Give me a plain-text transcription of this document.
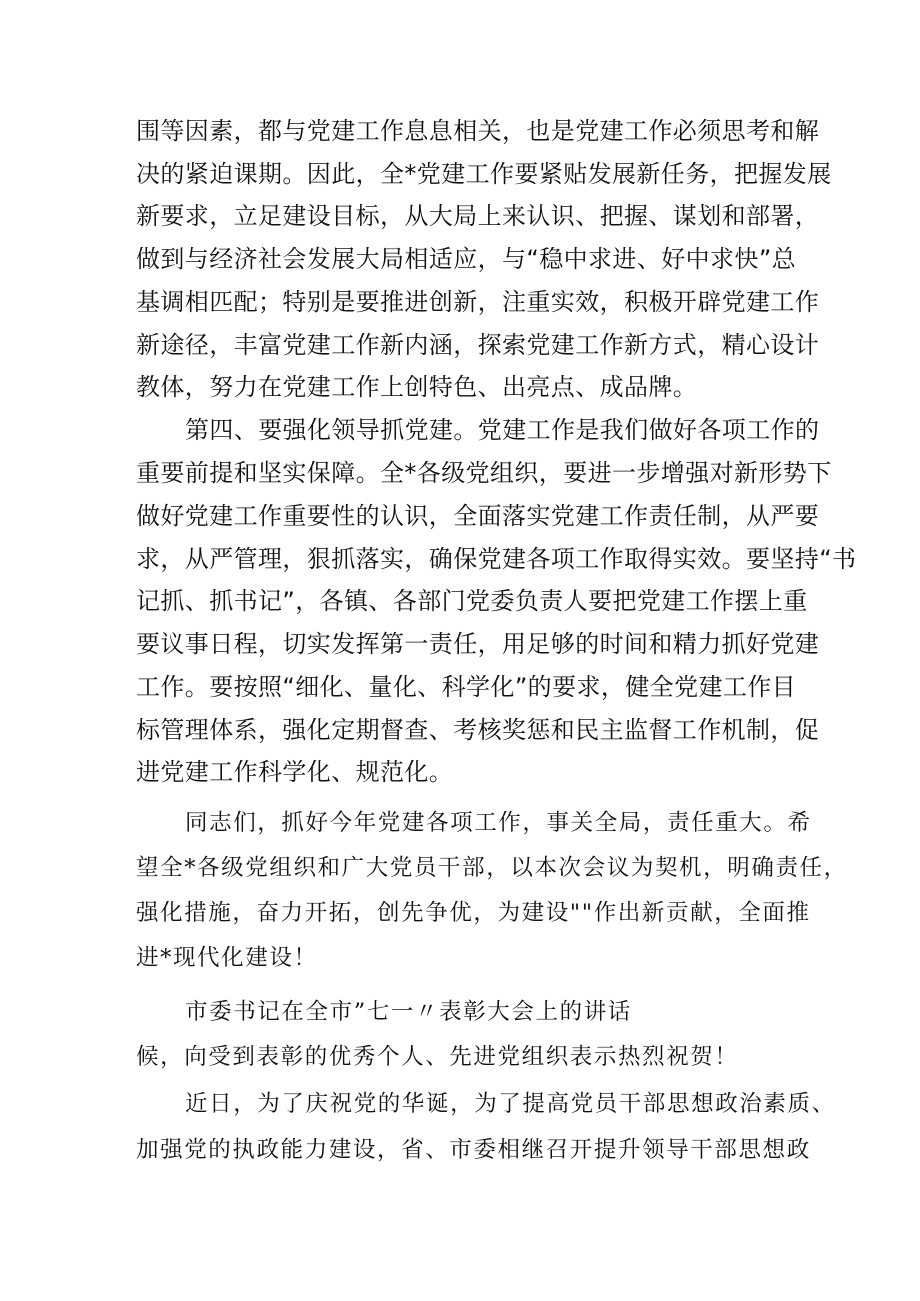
围等因素，都与党建工作息息相关，也是党建工作必须思考和解
决的紧迫课期。因此，全*党建工作要紧贴发展新任务，把握发展
新要求，立足建设目标，从大局上来认识、把握、谋划和部署，
做到与经济社会发展大局相适应，与“稳中求进、好中求快”总
基调相匹配；特别是要推进创新，注重实效，积极开辟党建工作
新途径，丰富党建工作新内涵，探索党建工作新方式，精心设计
教体，努力在党建工作上创特色、出亮点、成品牌。
第四、要强化领导抓党建。党建工作是我们做好各项工作的
重要前提和坚实保障。全*各级党组织，要进一步增强对新形势下
做好党建工作重要性的认识，全面落实党建工作责任制，从严要
求，从严管理，狠抓落实，确保党建各项工作取得实效。要坚持“书
记抓、抓书记”，各镇、各部门党委负责人要把党建工作摆上重
要议事日程，切实发挥第一责任，用足够的时间和精力抓好党建
工作。要按照“细化、量化、科学化”的要求，健全党建工作目
标管理体系，强化定期督查、考核奖惩和民主监督工作机制，促
进党建工作科学化、规范化。
同志们，抓好今年党建各项工作，事关全局，责任重大。希
望全*各级党组织和广大党员干部，以本次会议为契机，明确责任，
强化措施，奋力开拓，创先争优，为建设""作出新贡献，全面推
进*现代化建设！
市委书记在全市”七一〃表彰大会上的讲话
候，向受到表彰的优秀个人、先进党组织表示热烈祝贺！
近日，为了庆祝党的华诞，为了提高党员干部思想政治素质、
加强党的执政能力建设，省、市委相继召开提升领导干部思想政
